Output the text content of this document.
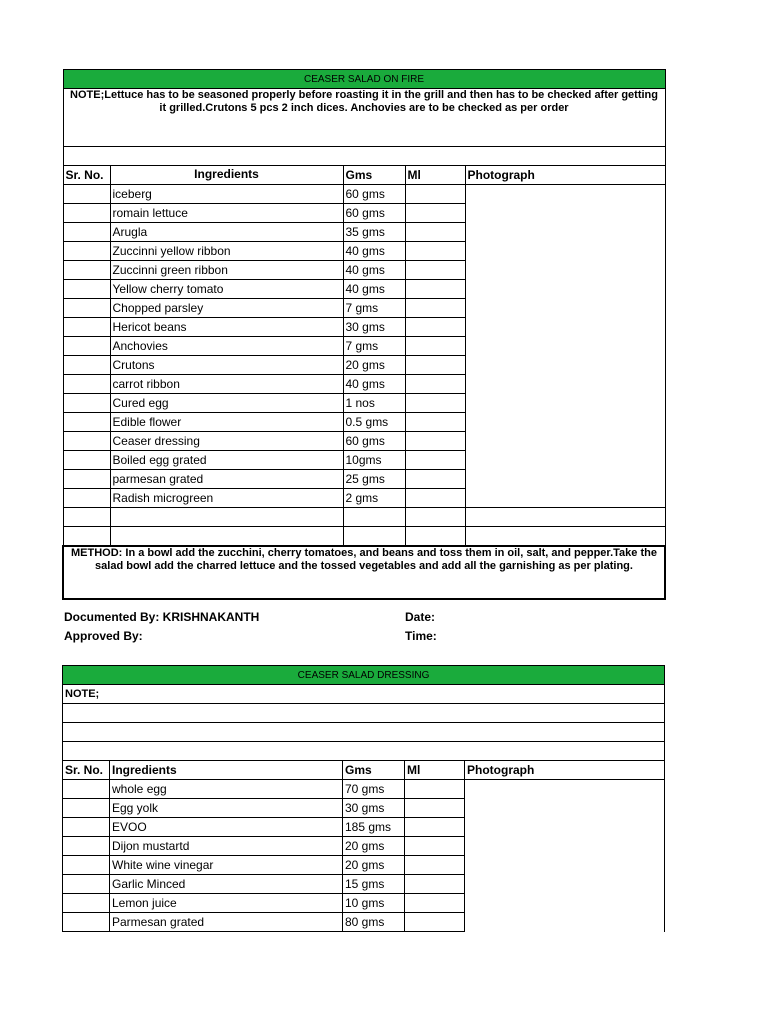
CEASER SALAD ON FIRE				
NOTE;Lettuce has to be seasoned properly before roasting it in the grill and then has to be checked after getting it grilled.Crutons 5 pcs 2 inch dices. Anchovies are to be checked as per order				

Sr. No.	Ingredients	Gms	Ml	Photograph
	iceberg	60 gms		
	romain lettuce	60 gms		
	Arugla	35 gms		
	Zuccinni yellow ribbon	40 gms		
	Zuccinni green ribbon	40 gms		
	Yellow cherry tomato	40 gms		
	Chopped parsley	7 gms		
	Hericot beans	30 gms		
	Anchovies	7 gms		
	Crutons	20 gms		
	carrot ribbon	40 gms		
	Cured egg	1 nos		
	Edible flower	0.5 gms		
	Ceaser dressing	60 gms		
	Boiled egg grated	10gms		
	parmesan grated	25 gms		
	Radish microgreen	2 gms		

METHOD: In a bowl add the zucchini, cherry tomatoes, and beans and toss them in oil, salt, and pepper.Take the salad bowl add the charred lettuce and the tossed vegetables and add all the garnishing as per plating.				
Documented By: KRISHNAKANTH	Date:
Approved By:	Time:
CEASER SALAD DRESSING				
NOTE;				

Sr. No.	Ingredients	Gms	Ml	Photograph
	whole egg	70 gms		
	Egg yolk	30 gms		
	EVOO	185 gms		
	Dijon mustartd	20 gms		
	White wine vinegar	20 gms		
	Garlic Minced	15 gms		
	Lemon juice	10 gms		
	Parmesan grated	80 gms		
